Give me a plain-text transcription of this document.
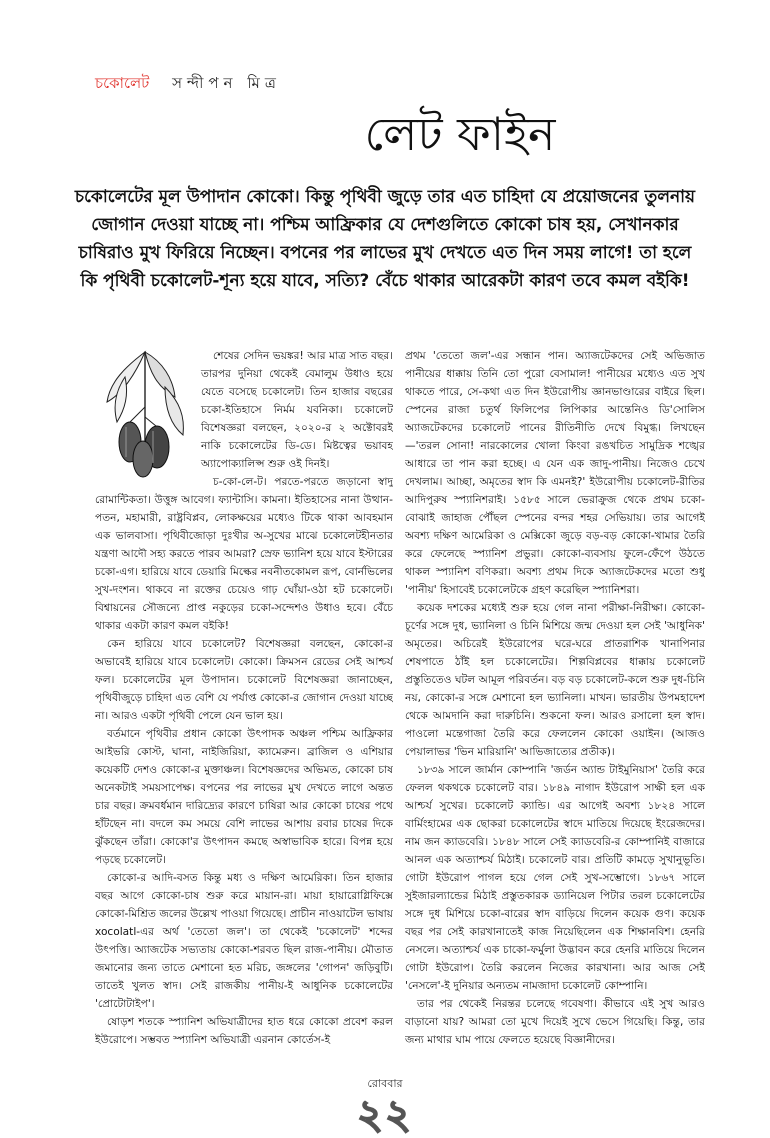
চকোলেট সন্দীপন মিত্র
লেট ফাইন
চকোলেটের মূল উপাদান কোকো। কিন্তু পৃথিবী জুড়ে তার এত চাহিদা যে প্রয়োজনের তুলনায় জোগান দেওয়া যাচ্ছে না। পশ্চিম আফ্রিকার যে দেশগুলিতে কোকো চাষ হয়, সেখানকার চাষিরাও মুখ ফিরিয়ে নিচ্ছেন। বপনের পর লাভের মুখ দেখতে এত দিন সময় লাগে! তা হলে কি পৃথিবী চকোলেট-শূন্য হয়ে যাবে, সত্যি? বেঁচে থাকার আরেকটা কারণ তবে কমল বইকি!

শেষের সেদিন ভয়ঙ্কর! আর মাত্র সাত বছর। তারপর দুনিয়া থেকেই বেমালুম উধাও হয়ে যেতে বসেছে চকোলেট। তিন হাজার বছরের চকো-ইতিহাসে নির্মম যবনিকা। চকোলেট বিশেষজ্ঞরা বলছেন, ২০২০-র ২ অক্টোবরই নাকি চকোলেটের ডি-ডে। মিষ্টত্বের ভয়াবহ অ্যাপোক্যালিপ্স শুরু ওই দিনই।

চ-কো-লে-ট। পরতে-পরতে জড়ানো স্বাদু রোমান্টিকতা। উত্তুঙ্গ আবেগ। ফ্যান্টাসি। কামনা। ইতিহাসের নানা উত্থান-পতন, মহামারী, রাষ্ট্রবিপ্লব, লোকক্ষয়ের মধ্যেও টিকে থাকা আবহমান এক ভালবাসা। পৃথিবীজোড়া দুঃখীর অ-সুখের মাঝে চকোলেটহীনতার যন্ত্রণা আদৌ সহ্য করতে পারব আমরা? স্রেফ ভ্যানিশ হয়ে যাবে ইস্টারের চকো-এগ। হারিয়ে যাবে ডেয়ারি মিল্কের নবনীতকোমল রূপ, বোর্নভিলের সুখ-দংশন। থাকবে না রক্তের চেয়েও গাঢ় ঘোঁয়া-ওঠা হট চকোলেট। বিশ্বায়নের সৌজন্যে প্রাপ্ত নকুড়ের চকো-সন্দেশও উধাও হবে। বেঁচে থাকার একটা কারণ কমল বইকি!

কেন হারিয়ে যাবে চকোলেট? বিশেষজ্ঞরা বলছেন, কোকো-র অভাবেই হারিয়ে যাবে চকোলেট। কোকো। ক্রিমসন রেডের সেই আশ্চর্য ফল। চকোলেটের মূল উপাদান। চকোলেট বিশেষজ্ঞরা জানাচ্ছেন, পৃথিবীজুড়ে চাহিদা এত বেশি যে পর্যাপ্ত কোকো-র জোগান দেওয়া যাচ্ছে না। আরও একটা পৃথিবী পেলে যেন ভাল হয়।

বর্তমানে পৃথিবীর প্রধান কোকো উৎপাদক অঞ্চল পশ্চিম আফ্রিকার আইভরি কোস্ট, ঘানা, নাইজিরিয়া, ক্যামেরুন। ব্রাজিল ও এশিয়ার কয়েকটি দেশও কোকো-র মুক্তাঞ্চল। বিশেষজ্ঞদের অভিমত, কোকো চাষ অনেকটাই সময়সাপেক্ষ। বপনের পর লাভের মুখ দেখতে লাগে অন্তত চার বছর। ক্রমবর্ধমান দারিদ্র্যের কারণে চাষিরা আর কোকো চাষের পথে হাঁটছেন না। বদলে কম সময়ে বেশি লাভের আশায় রবার চাষের দিকে ঝুঁকছেন তাঁরা। কোকো'র উৎপাদন কমছে অস্বাভাবিক হারে। বিপন্ন হয়ে পড়ছে চকোলেট।

কোকো-র আদি-বসত কিন্তু মধ্য ও দক্ষিণ আমেরিকা। তিন হাজার বছর আগে কোকো-চাষ শুরু করে মায়ান-রা। মায়া হায়ারোগ্লিফিক্সে কোকো-মিশ্রিত জলের উল্লেখ পাওয়া গিয়েছে। প্রাচীন নাওয়াটেল ভাষায় xocolatl-এর অর্থ 'তেতো জল'। তা থেকেই 'চকোলেট' শব্দের উৎপত্তি। অ্যাজটেক সভ্যতায় কোকো-শরবত ছিল রাজ-পানীয়। মৌতাত জমানোর জন্য তাতে মেশানো হত মরিচ, জঙ্গলের 'গোপন' জড়িবুটি। তাতেই খুলত স্বাদ। সেই রাজকীয় পানীয়-ই আধুনিক চকোলেটের 'প্রোটোটাইপ'।

ষোড়শ শতকে স্প্যানিশ অভিযাত্রীদের হাত ধরে কোকো প্রবেশ করল ইউরোপে। সম্ভবত স্প্যানিশ অভিযাত্রী এরনান কোর্তেস-ই

প্রথম 'তেতো জল'-এর সন্ধান পান। অ্যাজটেকদের সেই অভিজাত পানীয়ের ধাক্কায় তিনি তো পুরো বেসামাল! পানীয়ের মধ্যেও এত সুখ থাকতে পারে, সে-কথা এত দিন ইউরোপীয় জ্ঞানভাণ্ডারের বাইরে ছিল। স্পেনের রাজা চতুর্থ ফিলিপের লিপিকার আন্তেনিও ডি'সোলিস অ্যাজটেকদের চকোলেট পানের রীতিনীতি দেখে বিমুগ্ধ। লিখছেন—'তরল সোনা! নারকোলের খোলা কিংবা রঙখচিত সামুদ্রিক শঙ্খের আধারে তা পান করা হচ্ছে। এ যেন এক জাদু-পানীয়। নিজেও চেখে দেখলাম। আচ্ছা, অমৃতের স্বাদ কি এমনই?' ইউরোপীয় চকোলেট-রীতির আদিপুরুষ স্প্যানিশরাই। ১৫৮৫ সালে ভেরাক্রুজ থেকে প্রথম চকো-বোঝাই জাহাজ পৌঁছল স্পেনের বন্দর শহর সেভিয়ায়। তার আগেই অবশ্য দক্ষিণ আমেরিকা ও মেক্সিকো জুড়ে বড়-বড় কোকো-খামার তৈরি করে ফেলেছে স্প্যানিশ প্রভুরা। কোকো-ব্যবসায় ফুলে-ফেঁপে উঠতে থাকল স্প্যানিশ বণিকরা। অবশ্য প্রথম দিকে অ্যাজটেকদের মতো শুধু 'পানীয়' হিসাবেই চকোলেটকে গ্রহণ করেছিল স্প্যানিশরা।

কয়েক দশকের মধ্যেই শুরু হয়ে গেল নানা পরীক্ষা-নিরীক্ষা। কোকো-চূর্ণের সঙ্গে দুধ, ভ্যানিলা ও চিনি মিশিয়ে জন্ম দেওয়া হল সেই 'আধুনিক' অমৃতের। অচিরেই ইউরোপের ঘরে-ঘরে প্রাতরাশিক খানাপিনার শেষপাতে ঠাঁই হল চকোলেটের। শিল্পবিপ্লবের ধাক্কায় চকোলেট প্রস্তুতিতেও ঘটল আমূল পরিবর্তন। বড় বড় চকোলেট-কলে শুরু দুধ-চিনি নয়, কোকো-র সঙ্গে মেশানো হল ভ্যানিলা। মাখন। ভারতীয় উপমহাদেশ থেকে আমদানি করা দারুচিনি। শুকনো ফল। আরও রসালো হল স্বাদ। পাওলো মন্তেগাজা তৈরি করে ফেললেন কোকো ওয়াইন। (আজও পেয়ালাভর 'ভিন মারিয়ানি' আভিজাত্যের প্রতীক)।

১৮৩৯ সালে জার্মান কোম্পানি 'জর্ডন অ্যান্ড টাইমুনিয়াস' তৈরি করে ফেলল থকথকে চকোলেট বার। ১৮৪৯ নাগাদ ইউরোপ সাক্ষী হল এক আশ্চর্য সুখের। চকোলেট ক্যান্ডি। এর আগেই অবশ্য ১৮২৪ সালে বার্মিংহামের এক ছোকরা চকোলেটের স্বাদে মাতিয়ে দিয়েছে ইংরেজদের। নাম জন ক্যাডবেরি। ১৮৪৮ সালে সেই ক্যাডবেরি-র কোম্পানিই বাজারে আনল এক অত্যাশ্চর্য মিঠাই। চকোলেট বার। প্রতিটি কামড়ে সুখানুভূতি। গোটা ইউরোপ পাগল হয়ে গেল সেই সুখ-সম্ভোগে। ১৮৬৭ সালে সুইজারল্যান্ডের মিঠাই প্রস্তুতকারক ড্যানিয়েল পিটার তরল চকোলেটের সঙ্গে দুধ মিশিয়ে চকো-বারের স্বাদ বাড়িয়ে দিলেন কয়েক গুণ। কয়েক বছর পর সেই কারখানাতেই কাজ নিয়েছিলেন এক শিক্ষানবিশ। হেনরি নেসলে। অত্যাশ্চর্য এক চাকো-ফর্মুলা উদ্ভাবন করে হেনরি মাতিয়ে দিলেন গোটা ইউরোপ। তৈরি করলেন নিজের কারখানা। আর আজ সেই 'নেসলে'-ই দুনিয়ার অন্যতম নামজাদা চকোলেট কোম্পানি।

তার পর থেকেই নিরন্তর চলেছে গবেষণা। কীভাবে এই সুখ আরও বাড়ানো যায়? আমরা তো মুখে দিয়েই সুখে ভেসে গিয়েছি। কিন্তু, তার জন্য মাথার ঘাম পায়ে ফেলতে হয়েছে বিজ্ঞানীদের।

রোববার
২২
